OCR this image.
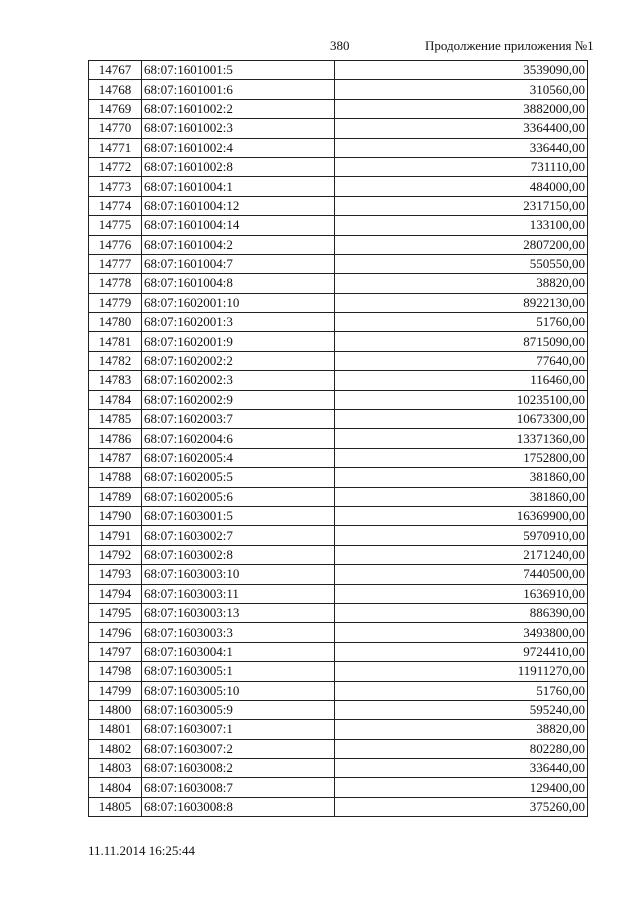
380	Продолжение приложения №1
14767	68:07:1601001:5	3539090,00
14768	68:07:1601001:6	310560,00
14769	68:07:1601002:2	3882000,00
14770	68:07:1601002:3	3364400,00
14771	68:07:1601002:4	336440,00
14772	68:07:1601002:8	731110,00
14773	68:07:1601004:1	484000,00
14774	68:07:1601004:12	2317150,00
14775	68:07:1601004:14	133100,00
14776	68:07:1601004:2	2807200,00
14777	68:07:1601004:7	550550,00
14778	68:07:1601004:8	38820,00
14779	68:07:1602001:10	8922130,00
14780	68:07:1602001:3	51760,00
14781	68:07:1602001:9	8715090,00
14782	68:07:1602002:2	77640,00
14783	68:07:1602002:3	116460,00
14784	68:07:1602002:9	10235100,00
14785	68:07:1602003:7	10673300,00
14786	68:07:1602004:6	13371360,00
14787	68:07:1602005:4	1752800,00
14788	68:07:1602005:5	381860,00
14789	68:07:1602005:6	381860,00
14790	68:07:1603001:5	16369900,00
14791	68:07:1603002:7	5970910,00
14792	68:07:1603002:8	2171240,00
14793	68:07:1603003:10	7440500,00
14794	68:07:1603003:11	1636910,00
14795	68:07:1603003:13	886390,00
14796	68:07:1603003:3	3493800,00
14797	68:07:1603004:1	9724410,00
14798	68:07:1603005:1	11911270,00
14799	68:07:1603005:10	51760,00
14800	68:07:1603005:9	595240,00
14801	68:07:1603007:1	38820,00
14802	68:07:1603007:2	802280,00
14803	68:07:1603008:2	336440,00
14804	68:07:1603008:7	129400,00
14805	68:07:1603008:8	375260,00
11.11.2014 16:25:44
